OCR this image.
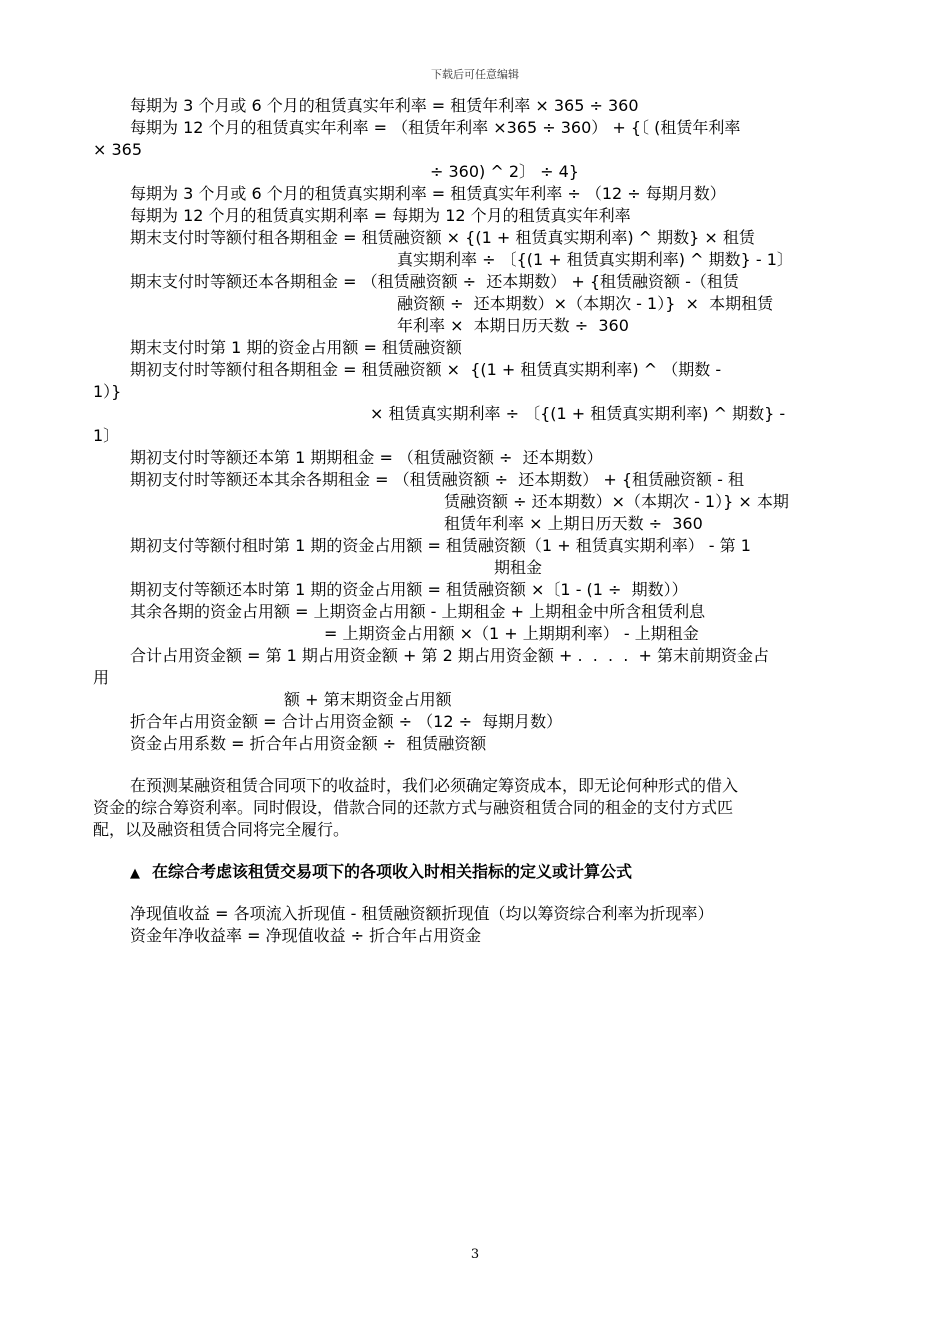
下载后可任意编辑
每期为 3 个月或 6 个月的租赁真实年利率 = 租赁年利率 × 365 ÷ 360
每期为 12 个月的租赁真实年利率 = （租赁年利率 ×365 ÷ 360） + {〔 (租赁年利率
× 365
÷ 360) ^ 2〕 ÷ 4}
每期为 3 个月或 6 个月的租赁真实期利率 = 租赁真实年利率 ÷ （12 ÷ 每期月数）
每期为 12 个月的租赁真实期利率 = 每期为 12 个月的租赁真实年利率
期末支付时等额付租各期租金 = 租赁融资额 × {(1 + 租赁真实期利率) ^ 期数} × 租赁
真实期利率 ÷ 〔{(1 + 租赁真实期利率) ^ 期数} - 1〕
期末支付时等额还本各期租金 = （租赁融资额 ÷  还本期数） + {租赁融资额 -（租赁
融资额 ÷  还本期数）×（本期次 - 1）}  ×  本期租赁
年利率 ×  本期日历天数 ÷  360
期末支付时第 1 期的资金占用额 = 租赁融资额
期初支付时等额付租各期租金 = 租赁融资额 ×  {(1 + 租赁真实期利率) ^ （期数 -
1）}
× 租赁真实期利率 ÷ 〔{(1 + 租赁真实期利率) ^ 期数} -
1〕
期初支付时等额还本第 1 期期租金 = （租赁融资额 ÷  还本期数）
期初支付时等额还本其余各期租金 = （租赁融资额 ÷  还本期数） + {租赁融资额 - 租
赁融资额 ÷ 还本期数）×（本期次 - 1）} × 本期
租赁年利率 × 上期日历天数 ÷  360
期初支付等额付租时第 1 期的资金占用额 = 租赁融资额（1 + 租赁真实期利率） - 第 1
期租金
期初支付等额还本时第 1 期的资金占用额 = 租赁融资额 ×〔1 - (1 ÷  期数））
其余各期的资金占用额 = 上期资金占用额 - 上期租金 + 上期租金中所含租赁利息
= 上期资金占用额 ×（1 + 上期期利率） - 上期租金
合计占用资金额 = 第 1 期占用资金额 + 第 2 期占用资金额 + .  .  .  .  + 第末前期资金占
用
额 + 第末期资金占用额
折合年占用资金额 = 合计占用资金额 ÷ （12 ÷  每期月数）
资金占用系数 = 折合年占用资金额 ÷  租赁融资额
在预测某融资租赁合同项下的收益时，我们必须确定筹资成本，即无论何种形式的借入
资金的综合筹资利率。同时假设，借款合同的还款方式与融资租赁合同的租金的支付方式匹
配，以及融资租赁合同将完全履行。
▲ 在综合考虑该租赁交易项下的各项收入时相关指标的定义或计算公式
净现值收益 = 各项流入折现值 - 租赁融资额折现值（均以筹资综合利率为折现率）
资金年净收益率 = 净现值收益 ÷ 折合年占用资金
3
